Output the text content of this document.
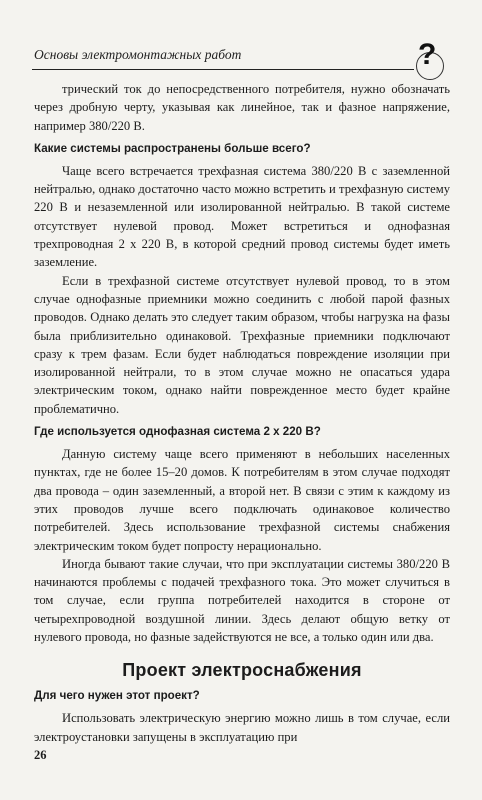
Основы электромонтажных работ	?

трический ток до непосредственного потребителя, нужно обозначать через дробную черту, указывая как линейное, так и фазное напряжение, например 380/220 В.

Какие системы распространены больше всего?

Чаще всего встречается трехфазная система 380/220 В с заземленной нейтралью, однако достаточно часто можно встретить и трехфазную систему 220 В и незаземленной или изолированной нейтралью. В такой системе отсутствует нулевой провод. Может встретиться и однофазная трехпроводная 2 х 220 В, в которой средний провод системы будет иметь заземление.

Если в трехфазной системе отсутствует нулевой провод, то в этом случае однофазные приемники можно соединить с любой парой фазных проводов. Однако делать это следует таким образом, чтобы нагрузка на фазы была приблизительно одинаковой. Трехфазные приемники подключают сразу к трем фазам. Если будет наблюдаться повреждение изоляции при изолированной нейтрали, то в этом случае можно не опасаться удара электрическим током, однако найти поврежденное место будет крайне проблематично.

Где используется однофазная система 2 х 220 В?

Данную систему чаще всего применяют в небольших населенных пунктах, где не более 15–20 домов. К потребителям в этом случае подходят два провода – один заземленный, а второй нет. В связи с этим к каждому из этих проводов лучше всего подключать одинаковое количество потребителей. Здесь использование трехфазной системы снабжения электрическим током будет попросту нерационально.

Иногда бывают такие случаи, что при эксплуатации системы 380/220 В начинаются проблемы с подачей трехфазного тока. Это может случиться в том случае, если группа потребителей находится в стороне от четырехпроводной воздушной линии. Здесь делают общую ветку от нулевого провода, но фазные задействуются не все, а только один или два.

Проект электроснабжения
Для чего нужен этот проект?

Использовать электрическую энергию можно лишь в том случае, если электроустановки запущены в эксплуатацию при

26
